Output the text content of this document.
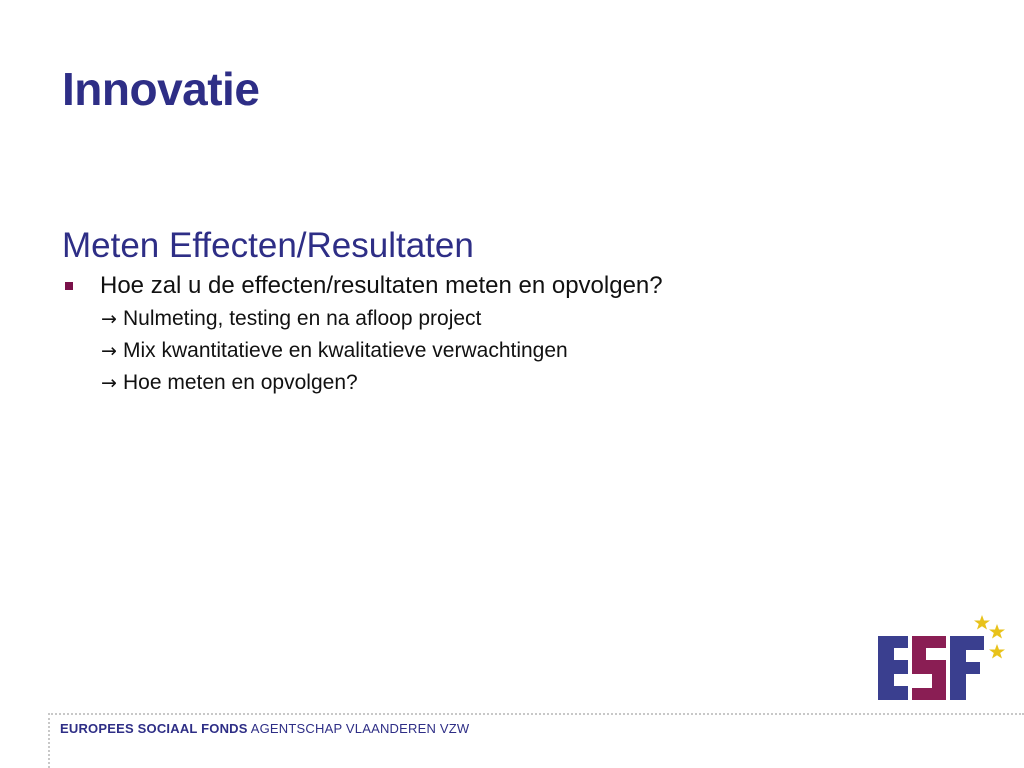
Innovatie
Meten Effecten/Resultaten
Hoe zal u de effecten/resultaten meten en opvolgen?
→ Nulmeting, testing en na afloop project
→ Mix kwantitatieve en kwalitatieve verwachtingen
→ Hoe meten en opvolgen?
EUROPEES SOCIAAL FONDS AGENTSCHAP VLAANDEREN VZW
